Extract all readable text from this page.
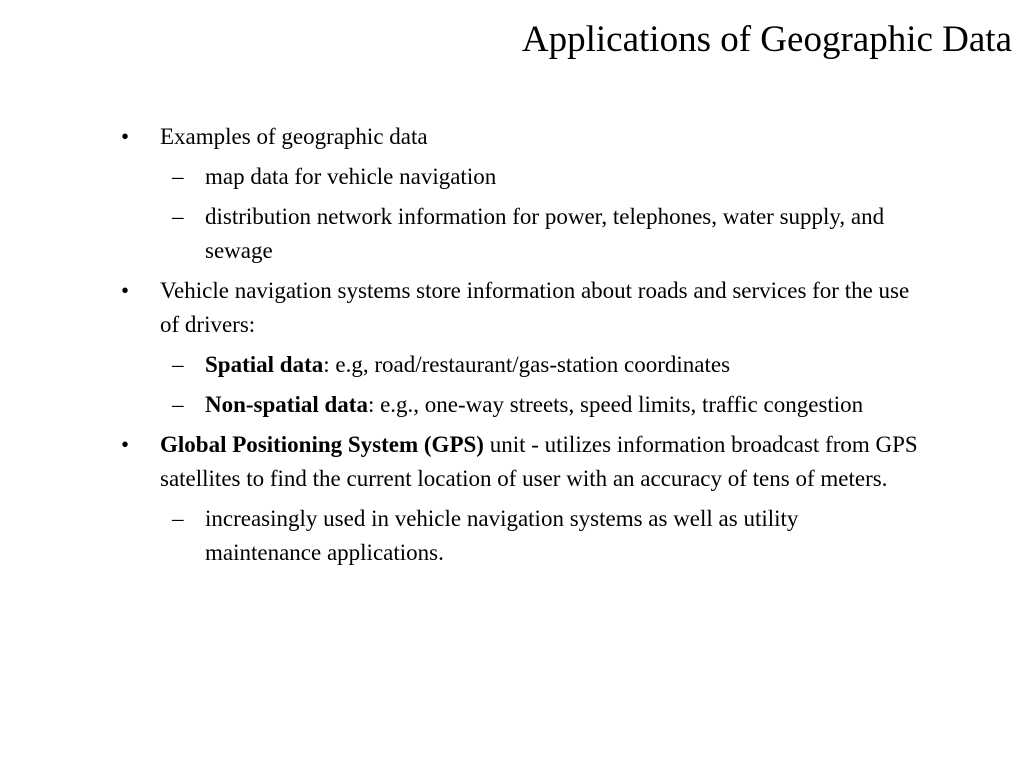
Applications of Geographic Data
• Examples of geographic data
– map data for vehicle navigation
– distribution network information for power, telephones, water supply, and sewage
• Vehicle navigation systems store information about roads and services for the use of drivers:
– Spatial data: e.g, road/restaurant/gas-station coordinates
– Non-spatial data: e.g., one-way streets, speed limits, traffic congestion
• Global Positioning System (GPS) unit - utilizes information broadcast from GPS satellites to find the current location of user with an accuracy of tens of meters.
– increasingly used in vehicle navigation systems as well as utility maintenance applications.
